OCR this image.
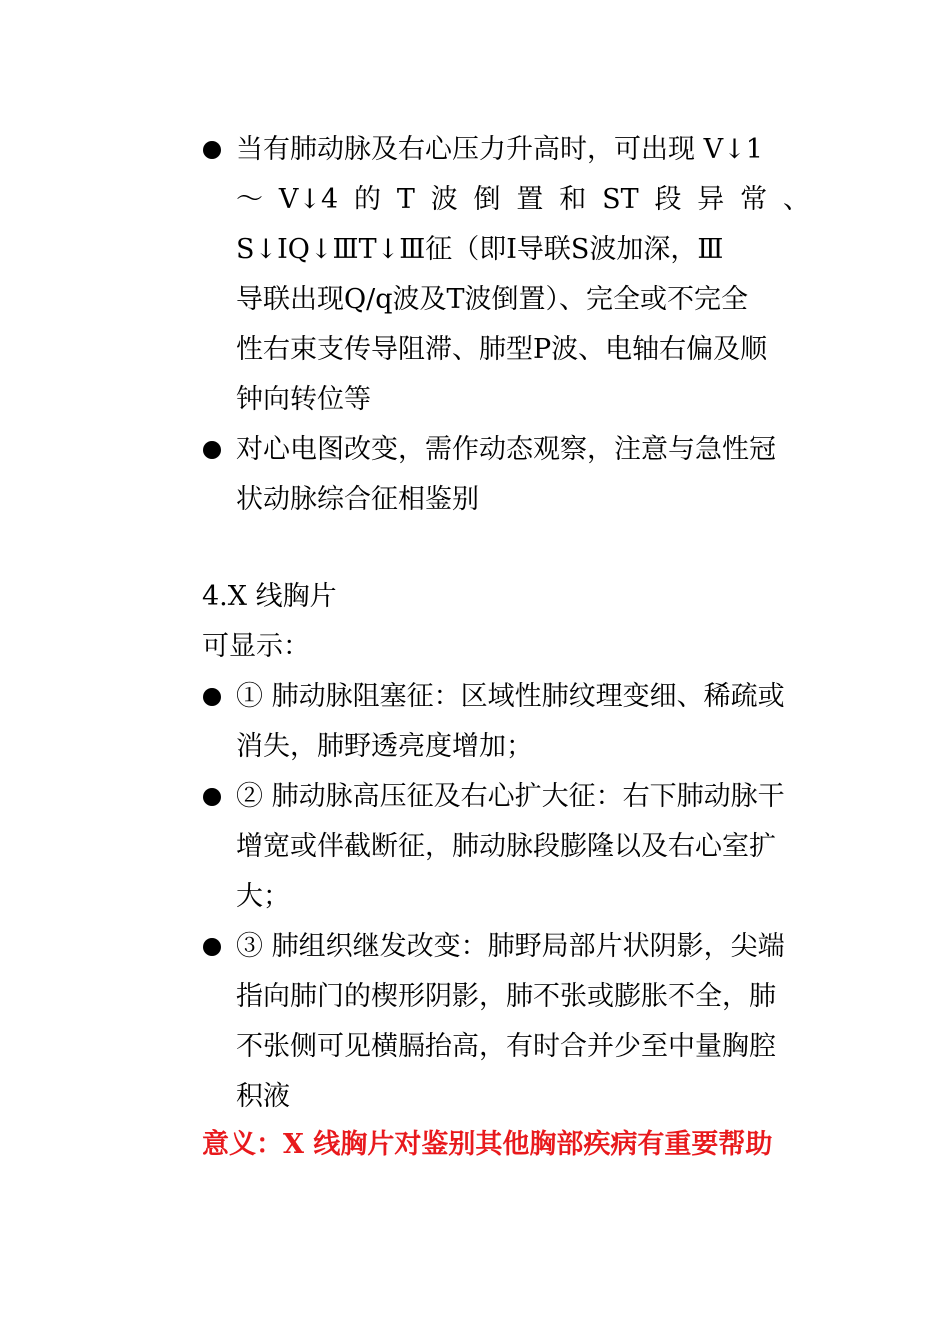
当有肺动脉及右心压力升高时，可出现 V↓1
～ V↓4 的 T 波 倒 置 和 ST 段 异 常 、
S↓ⅠQ↓ⅢT↓Ⅲ征（即Ⅰ导联S波加深，Ⅲ
导联出现Q/q波及T波倒置）、完全或不完全
性右束支传导阻滞、肺型P波、电轴右偏及顺
钟向转位等
对心电图改变，需作动态观察，注意与急性冠
状动脉综合征相鉴别
4.X 线胸片
可显示：
① 肺动脉阻塞征：区域性肺纹理变细、稀疏或
消失，肺野透亮度增加；
② 肺动脉高压征及右心扩大征：右下肺动脉干
增宽或伴截断征，肺动脉段膨隆以及右心室扩
大；
③ 肺组织继发改变：肺野局部片状阴影，尖端
指向肺门的楔形阴影，肺不张或膨胀不全，肺
不张侧可见横膈抬高，有时合并少至中量胸腔
积液
意义：X 线胸片对鉴别其他胸部疾病有重要帮助
